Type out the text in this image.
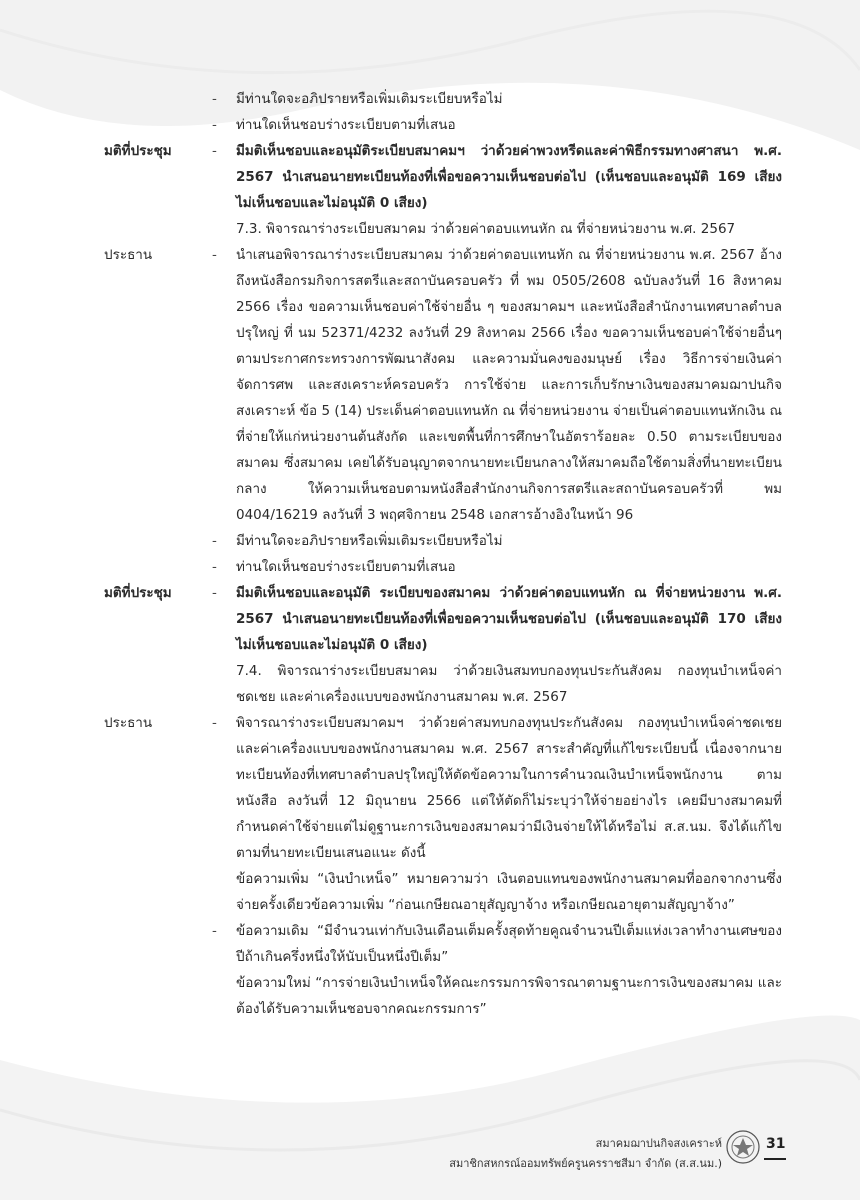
- มีท่านใดจะอภิปรายหรือเพิ่มเติมระเบียบหรือไม่
- ท่านใดเห็นชอบร่างระเบียบตามที่เสนอ
มติที่ประชุม	- มีมติเห็นชอบและอนุมัติระเบียบสมาคมฯ ว่าด้วยค่าพวงหรีดและค่าพิธีกรรมทางศาสนา พ.ศ. 2567 นำเสนอนายทะเบียนท้องที่เพื่อขอความเห็นชอบต่อไป (เห็นชอบและอนุมัติ 169 เสียง ไม่เห็นชอบและไม่อนุมัติ 0 เสียง)
7.3. พิจารณาร่างระเบียบสมาคม ว่าด้วยค่าตอบแทนหัก ณ ที่จ่ายหน่วยงาน พ.ศ. 2567
ประธาน	- นำเสนอพิจารณาร่างระเบียบสมาคม ว่าด้วยค่าตอบแทนหัก ณ ที่จ่ายหน่วยงาน พ.ศ. 2567 อ้างถึงหนังสือกรมกิจการสตรีและสถาบันครอบครัว ที่ พม 0505/2608 ฉบับลงวันที่ 16 สิงหาคม 2566 เรื่อง ขอความเห็นชอบค่าใช้จ่ายอื่น ๆ ของสมาคมฯ และหนังสือสำนักงานเทศบาลตำบลปรุใหญ่ ที่ นม 52371/4232 ลงวันที่ 29 สิงหาคม 2566 เรื่อง ขอความเห็นชอบค่าใช้จ่ายอื่นๆ ตามประกาศกระทรวงการพัฒนาสังคม และความมั่นคงของมนุษย์ เรื่อง วิธีการจ่ายเงินค่าจัดการศพ และสงเคราะห์ครอบครัว การใช้จ่าย และการเก็บรักษาเงินของสมาคมฌาปนกิจสงเคราะห์ ข้อ 5 (14) ประเด็นค่าตอบแทนหัก ณ ที่จ่ายหน่วยงาน จ่ายเป็นค่าตอบแทนหักเงิน ณ ที่จ่ายให้แก่หน่วยงานต้นสังกัด และเขตพื้นที่การศึกษาในอัตราร้อยละ 0.50 ตามระเบียบของสมาคม ซึ่งสมาคม เคยได้รับอนุญาตจากนายทะเบียนกลางให้สมาคมถือใช้ตามสิ่งที่นายทะเบียนกลาง ให้ความเห็นชอบตามหนังสือสำนักงานกิจการสตรีและสถาบันครอบครัวที่ พม 0404/16219 ลงวันที่ 3 พฤศจิกายน 2548 เอกสารอ้างอิงในหน้า 96
- มีท่านใดจะอภิปรายหรือเพิ่มเติมระเบียบหรือไม่
- ท่านใดเห็นชอบร่างระเบียบตามที่เสนอ
มติที่ประชุม	- มีมติเห็นชอบและอนุมัติ ระเบียบของสมาคม ว่าด้วยค่าตอบแทนหัก ณ ที่จ่ายหน่วยงาน พ.ศ. 2567 นำเสนอนายทะเบียนท้องที่เพื่อขอความเห็นชอบต่อไป (เห็นชอบและอนุมัติ 170 เสียง ไม่เห็นชอบและไม่อนุมัติ 0 เสียง)
7.4. พิจารณาร่างระเบียบสมาคม ว่าด้วยเงินสมทบกองทุนประกันสังคม กองทุนบำเหน็จค่าชดเชย และค่าเครื่องแบบของพนักงานสมาคม พ.ศ. 2567
ประธาน	- พิจารณาร่างระเบียบสมาคมฯ ว่าด้วยค่าสมทบกองทุนประกันสังคม กองทุนบำเหน็จค่าชดเชย และค่าเครื่องแบบของพนักงานสมาคม พ.ศ. 2567 สาระสำคัญที่แก้ไขระเบียบนี้ เนื่องจากนายทะเบียนท้องที่เทศบาลตำบลปรุใหญ่ให้ตัดข้อความในการคำนวณเงินบำเหน็จพนักงาน ตามหนังสือ ลงวันที่ 12 มิถุนายน 2566 แต่ให้ตัดก็ไม่ระบุว่าให้จ่ายอย่างไร เคยมีบางสมาคมที่กำหนดค่าใช้จ่ายแต่ไม่ดูฐานะการเงินของสมาคมว่ามีเงินจ่ายให้ได้หรือไม่ ส.ส.นม. จึงได้แก้ไขตามที่นายทะเบียนเสนอแนะ ดังนี้
ข้อความเพิ่ม “เงินบำเหน็จ” หมายความว่า เงินตอบแทนของพนักงานสมาคมที่ออกจากงานซึ่งจ่ายครั้งเดียวข้อความเพิ่ม “ก่อนเกษียณอายุสัญญาจ้าง หรือเกษียณอายุตามสัญญาจ้าง”
- ข้อความเดิม “มีจำนวนเท่ากับเงินเดือนเต็มครั้งสุดท้ายคูณจำนวนปีเต็มแห่งเวลาทำงานเศษของปีถ้าเกินครึ่งหนึ่งให้นับเป็นหนึ่งปีเต็ม”
ข้อความใหม่ “การจ่ายเงินบำเหน็จให้คณะกรรมการพิจารณาตามฐานะการเงินของสมาคม และต้องได้รับความเห็นชอบจากคณะกรรมการ”
สมาคมฌาปนกิจสงเคราะห์
สมาชิกสหกรณ์ออมทรัพย์ครูนครราชสีมา จำกัด (ส.ส.นม.)
31
